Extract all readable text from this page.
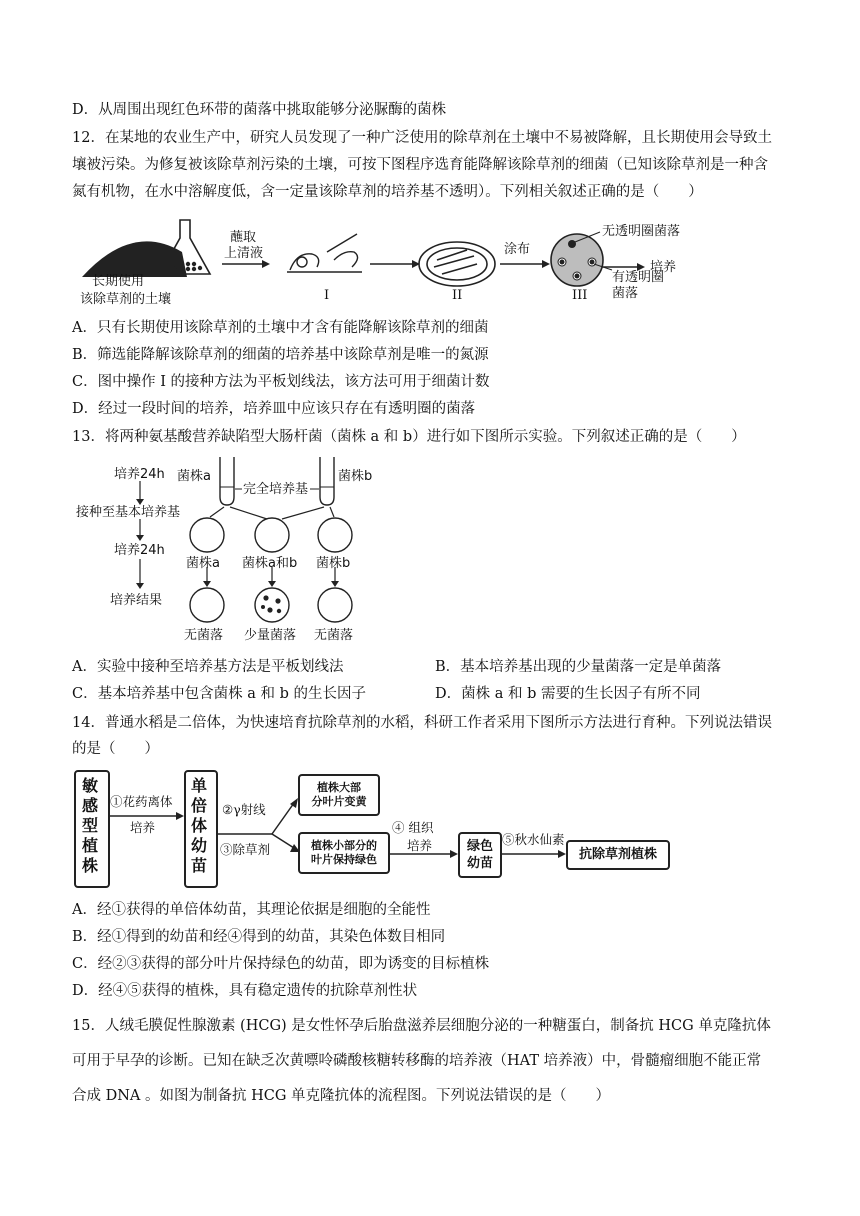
D．从周围出现红色环带的菌落中挑取能够分泌脲酶的菌株
12．在某地的农业生产中，研究人员发现了一种广泛使用的除草剂在土壤中不易被降解，且长期使用会导致土
壤被污染。为修复被该除草剂污染的土壤，可按下图程序选育能降解该除草剂的细菌（已知该除草剂是一种含
氮有机物，在水中溶解度低，含一定量该除草剂的培养基不透明）。下列相关叙述正确的是（　　）
长期使用
该除草剂的土壤
蘸取
上清液
I	II	III
涂布
无透明圈菌落
有透明圈
菌落
培养
A．只有长期使用该除草剂的土壤中才含有能降解该除草剂的细菌
B．筛选能降解该除草剂的细菌的培养基中该除草剂是唯一的氮源
C．图中操作 I 的接种方法为平板划线法，该方法可用于细菌计数
D．经过一段时间的培养，培养皿中应该只存在有透明圈的菌落
13．将两种氨基酸营养缺陷型大肠杆菌（菌株 a 和 b）进行如下图所示实验。下列叙述正确的是（　　）
培养24h
接种至基本培养基
培养24h
培养结果
菌株a	菌株b
完全培养基
菌株a 菌株a和b 菌株b
无菌落 少量菌落 无菌落
A．实验中接种至培养基方法是平板划线法	B．基本培养基出现的少量菌落一定是单菌落
C．基本培养基中包含菌株 a 和 b 的生长因子	D．菌株 a 和 b 需要的生长因子有所不同
14．普通水稻是二倍体，为快速培育抗除草剂的水稻，科研工作者采用下图所示方法进行育种。下列说法错误
的是（　　）
敏感型植株
①花药离体
培养
单倍体幼苗
②γ射线
③除草剂
植株大部
分叶片变黄
植株小部分的
叶片保持绿色
④ 组织
培养	绿色
幼苗
⑤秋水仙素
抗除草剂植株
A．经①获得的单倍体幼苗，其理论依据是细胞的全能性
B．经①得到的幼苗和经④得到的幼苗，其染色体数目相同
C．经②③获得的部分叶片保持绿色的幼苗，即为诱变的目标植株
D．经④⑤获得的植株，具有稳定遗传的抗除草剂性状
15．人绒毛膜促性腺激素 (HCG) 是女性怀孕后胎盘滋养层细胞分泌的一种糖蛋白，制备抗 HCG 单克隆抗体
可用于早孕的诊断。已知在缺乏次黄嘌呤磷酸核糖转移酶的培养液（HAT 培养液）中，骨髓瘤细胞不能正常
合成 DNA 。如图为制备抗 HCG 单克隆抗体的流程图。下列说法错误的是（　　）
